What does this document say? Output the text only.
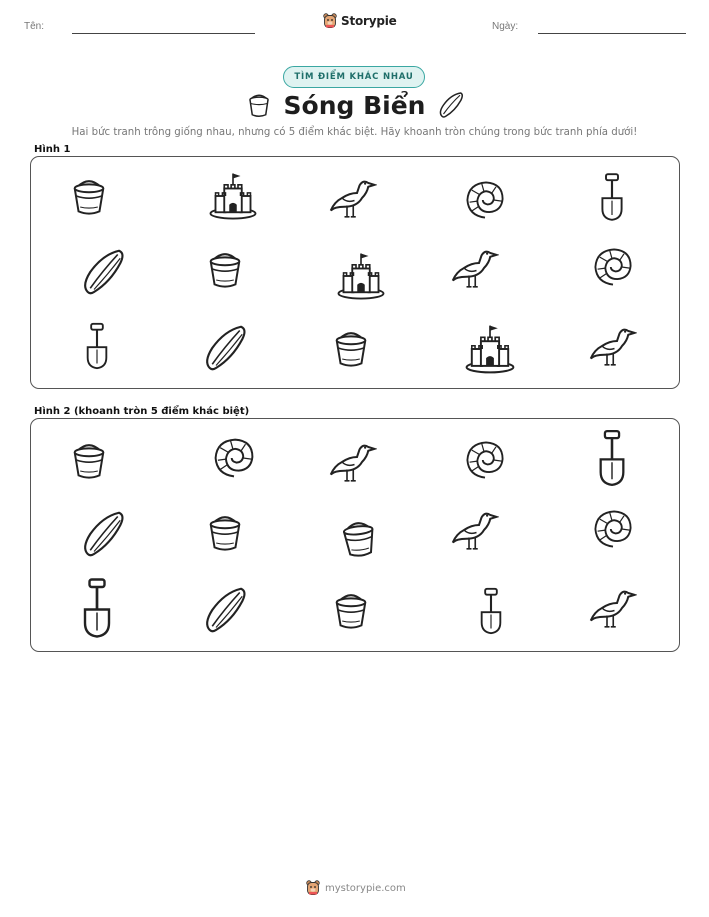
Tên:	Storypie	Ngày:
TÌM ĐIỂM KHÁC NHAU
Sóng Biển
Hai bức tranh trông giống nhau, nhưng có 5 điểm khác biệt. Hãy khoanh tròn chúng trong bức tranh phía dưới!
Hình 1
Hình 2 (khoanh tròn 5 điểm khác biệt)
mystorypie.com
